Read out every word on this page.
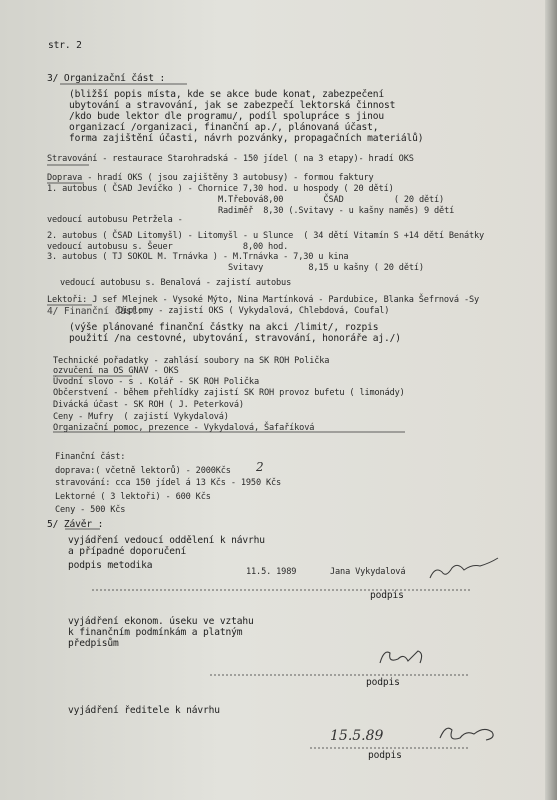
str. 2
3/ Organizační část :
(bližší popis místa, kde se akce bude konat, zabezpečení
ubytování a stravování, jak se zabezpečí lektorská činnost
/kdo bude lektor dle programu/, podíl spolupráce s jinou
organizací /organizaci, finanční ap./, plánovaná účast,
forma zajištění účasti, návrh pozvánky, propagačních materiálů)
Stravování - restaurace Starohradská - 150 jídel ( na 3 etapy)- hradí OKS
Doprava - hradí OKS ( jsou zajištěny 3 autobusy) - formou faktury
1. autobus ( ČSAD Jevíčko ) - Chornice 7,30 hod. u hospody ( 20 dětí)
M.Třebová8,00        ČSAD          ( 20 dětí)
Radiměř  8,30 (.Svitavy - u kašny naměs) 9 dětí
vedoucí autobusu Petržela -
2. autobus ( ČSAD Litomyšl) - Litomyšl - u Slunce  ( 34 dětí Vitamín S +14 dětí Benátky
vedoucí autobusu s. Šeuer              8,00 hod.
3. autobus ( TJ SOKOL M. Trnávka ) - M.Trnávka - 7,30 u kina
Svitavy         8,15 u kašny ( 20 dětí)
vedoucí autobusu s. Benalová - zajistí autobus
Lektoři: J sef Mlejnek - Vysoké Mýto, Nina Martínková - Pardubice, Blanka Šefrnová -Sy
4/ Finanční část:
Diplomy - zajistí OKS ( Vykydalová, Chlebdová, Coufal)
(výše plánované finanční částky na akci /limit/, rozpis
použití /na cestovné, ubytování, stravování, honoráře aj./)
Technické pořadatky - zahlásí soubory na SK ROH Polička
ozvučení na OS GNAV - OKS
Úvodní slovo - s . Kolář - SK ROH Polička
Občerstvení - během přehlídky zajistí SK ROH provoz bufetu ( limonády)
Divácká účast - SK ROH ( J. Peterková)
Ceny - Mufry  ( zajistí Vykydalová)
Organizační pomoc, prezence - Vykydalová, Šafaříková
Finanční část:
doprava:( včetně lektorů) - 2000Kčs
stravování: cca 150 jídel á 13 Kčs - 1950 Kčs
Lektorné ( 3 lektoři) - 600 Kčs
Ceny - 500 Kčs
5/ Závěr :
vyjádření vedoucí oddělení k návrhu
a případné doporučení
podpis metodika
11.5. 1989	Jana Vykydalová
podpis
vyjádření ekonom. úseku ve vztahu
k finančním podmínkám a platným
předpisům
podpis
vyjádření ředitele k návrhu
podpis
2
15.5.89
